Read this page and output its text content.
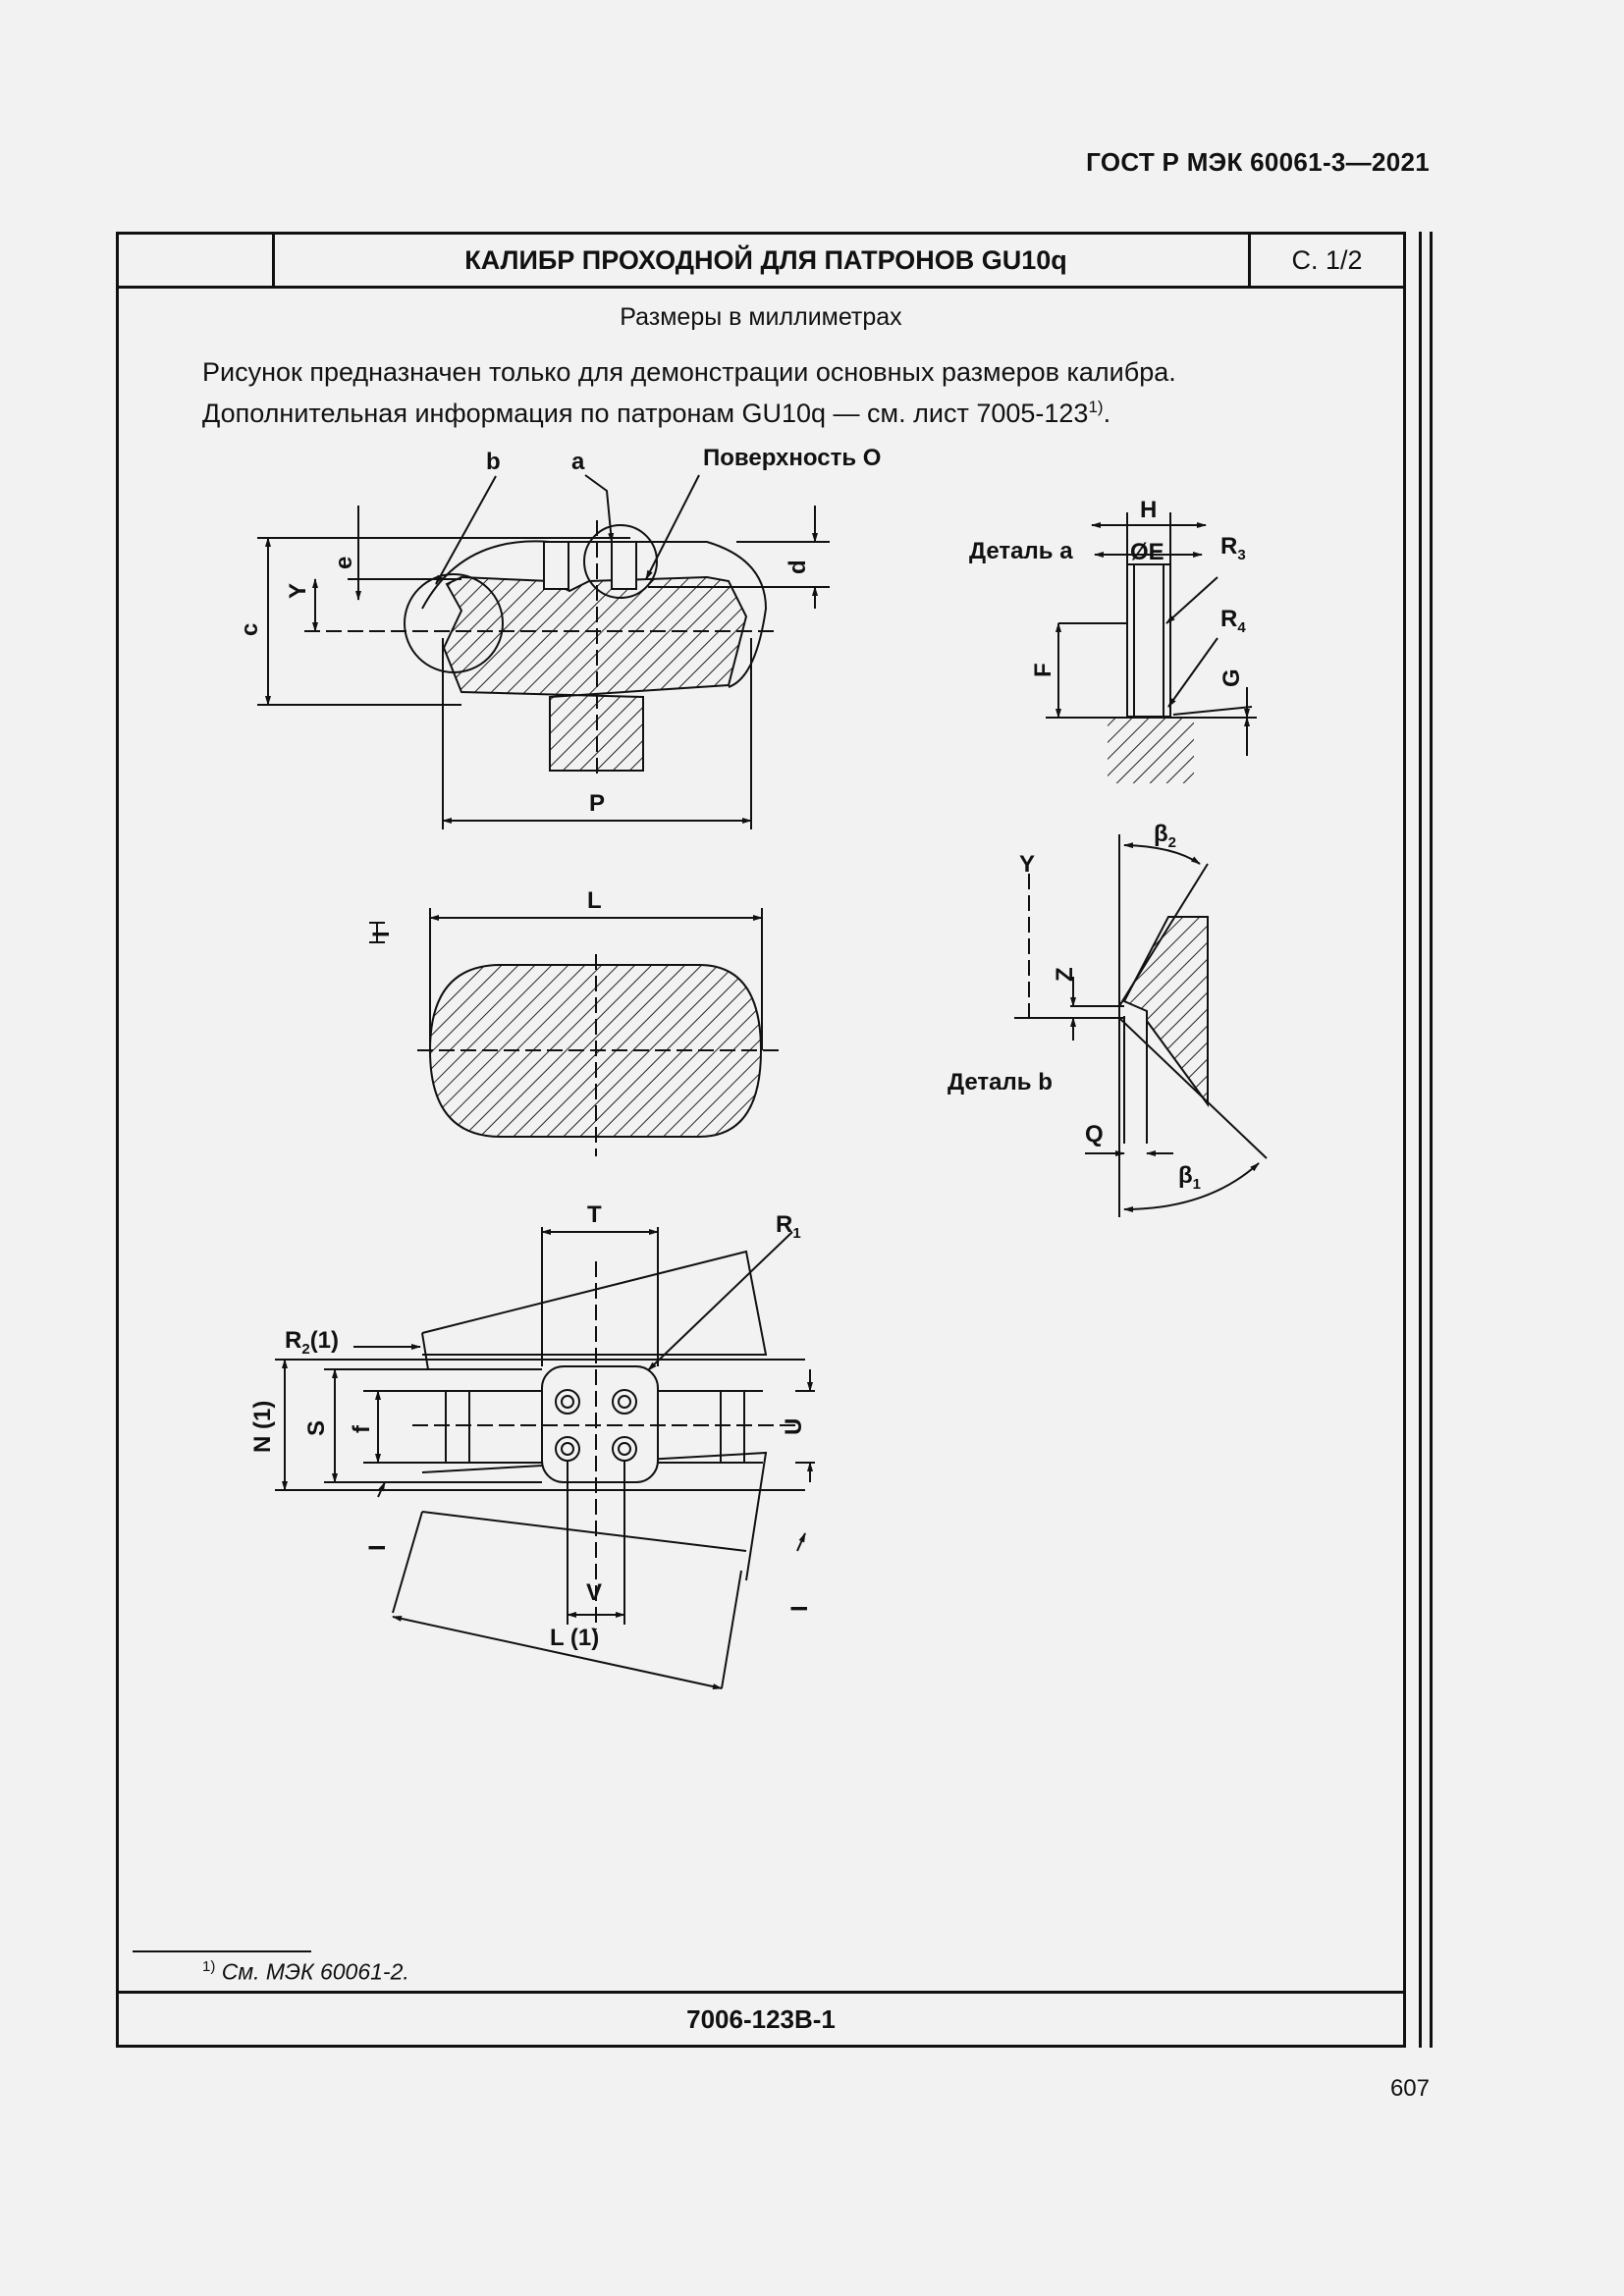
ГОСТ Р МЭК 60061-3—2021
КАЛИБР ПРОХОДНОЙ ДЛЯ ПАТРОНОВ GU10q	С. 1/2
Размеры в миллиметрах
Рисунок предназначен только для демонстрации основных размеров калибра.
Дополнительная информация по патронам GU10q — см. лист 7005-123$^{1)}$.
$^{1)}$ См. МЭК 60061-2.
7006-123B-1
607
b	a	Поверхность O
e
Y
c
d
P
L
I
Деталь a
H
ØE $R_3$
$R_4$
F	G
Y
Z
Деталь b
Q
$\beta_2$
$\beta_1$
T	$R_1$
$R_2(1)$
N (1) S f	U
V
L (1)
I
I
